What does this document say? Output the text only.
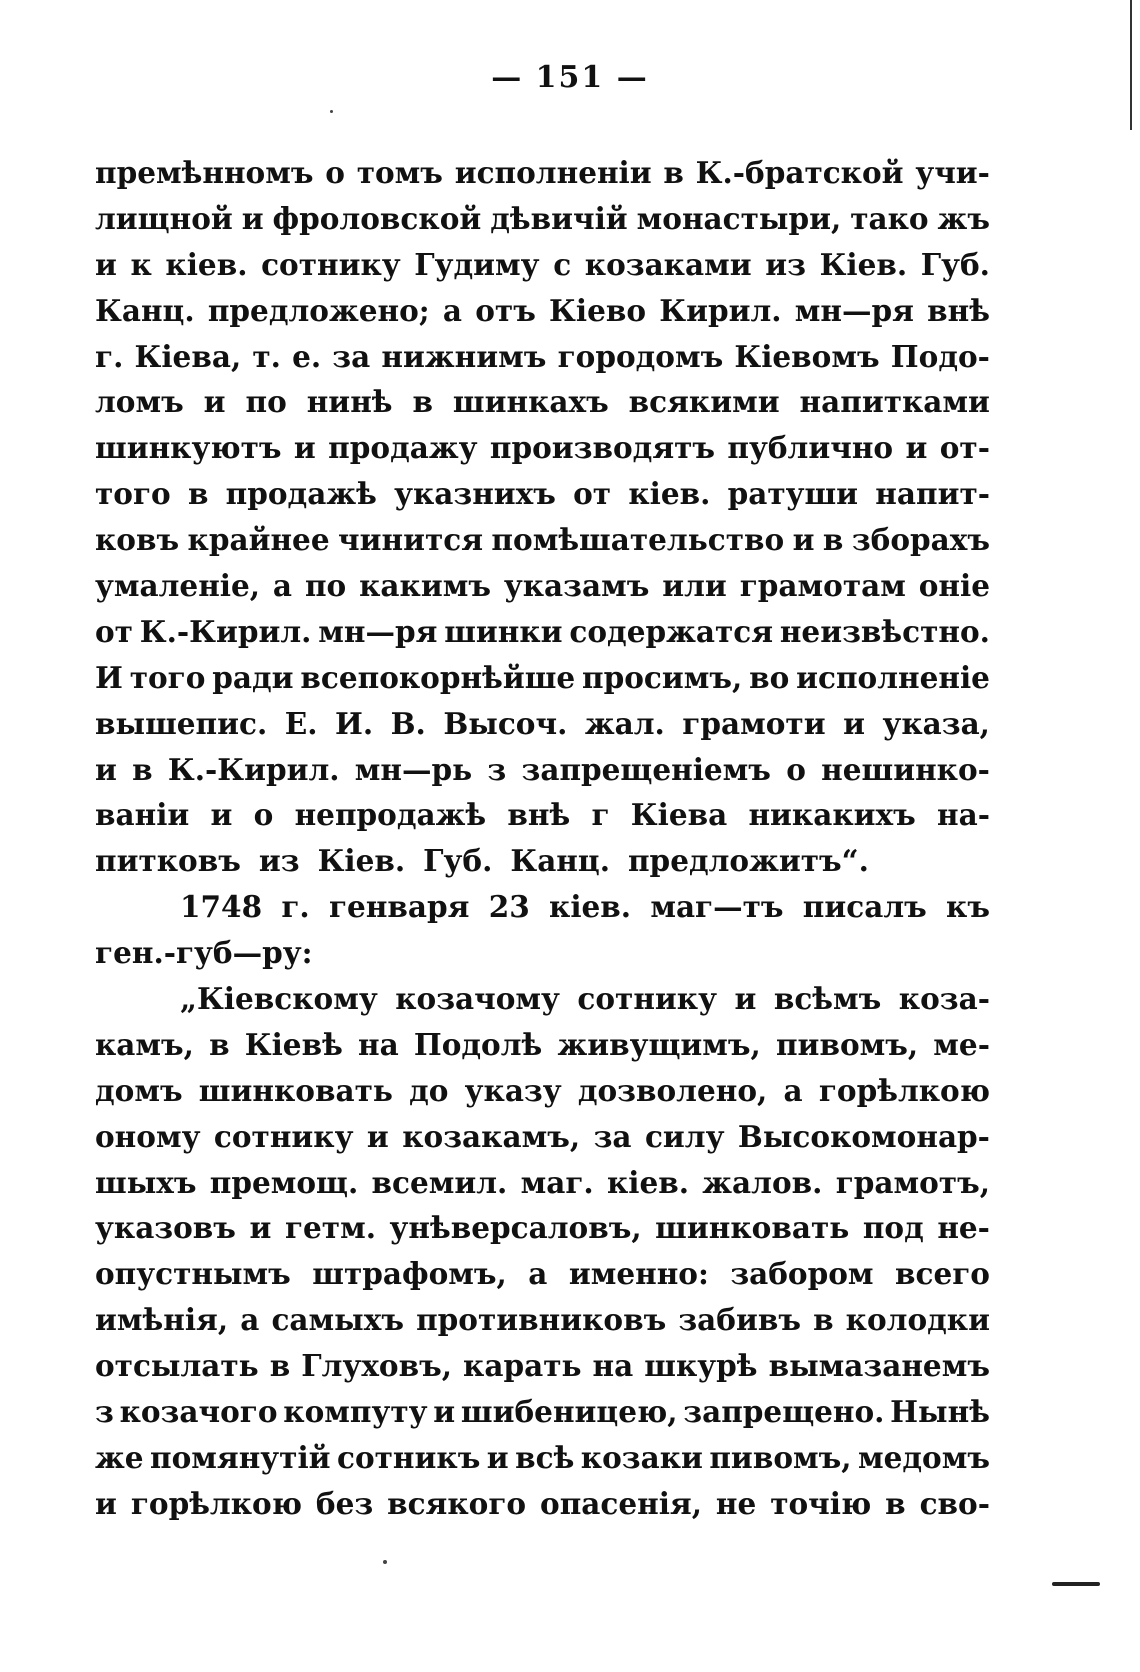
— 151 —
премѣнномъ о томъ исполненіи в К.-братской учи-
лищной и фроловской дѣвичій монастыри, тако жъ
и к кіев. сотнику Гудиму с козаками из Кіев. Губ.
Канц. предложено; а отъ Кіево Кирил. мн—ря внѣ
г. Кіева, т. е. за нижнимъ городомъ Кіевомъ Подо-
ломъ и по нинѣ в шинкахъ всякими напитками
шинкуютъ и продажу производятъ публично и от-
того в продажѣ указнихъ от кіев. ратуши напит-
ковъ крайнее чинится помѣшательство и в зборахъ
умаленіе, а по какимъ указамъ или грамотам оніе
от К.-Кирил. мн—ря шинки содержатся неизвѣстно.
И того ради всепокорнѣйше просимъ, во исполненіе
вышепис. Е. И. В. Высоч. жал. грамоти и указа,
и в К.-Кирил. мн—рь з запрещеніемъ о нешинко-
ваніи и о непродажѣ внѣ г Кіева никакихъ на-
питковъ из Кіев. Губ. Канц. предложитъ“.
1748 г. генваря 23 кіев. маг—тъ писалъ къ
ген.-губ—ру:
„Кіевскому козачому сотнику и всѣмъ коза-
камъ, в Кіевѣ на Подолѣ живущимъ, пивомъ, ме-
домъ шинковать до указу дозволено, а горѣлкою
оному сотнику и козакамъ, за силу Высокомонар-
шыхъ премощ. всемил. маг. кіев. жалов. грамотъ,
указовъ и гетм. унѣверсаловъ, шинковать под не-
опустнымъ штрафомъ, а именно: забором всего
имѣнія, а самыхъ противниковъ забивъ в колодки
отсылать в Глуховъ, карать на шкурѣ вымазанемъ
з козачого компуту и шибеницею, запрещено. Нынѣ
же помянутій сотникъ и всѣ козаки пивомъ, медомъ
и горѣлкою без всякого опасенія, не точію в сво-
